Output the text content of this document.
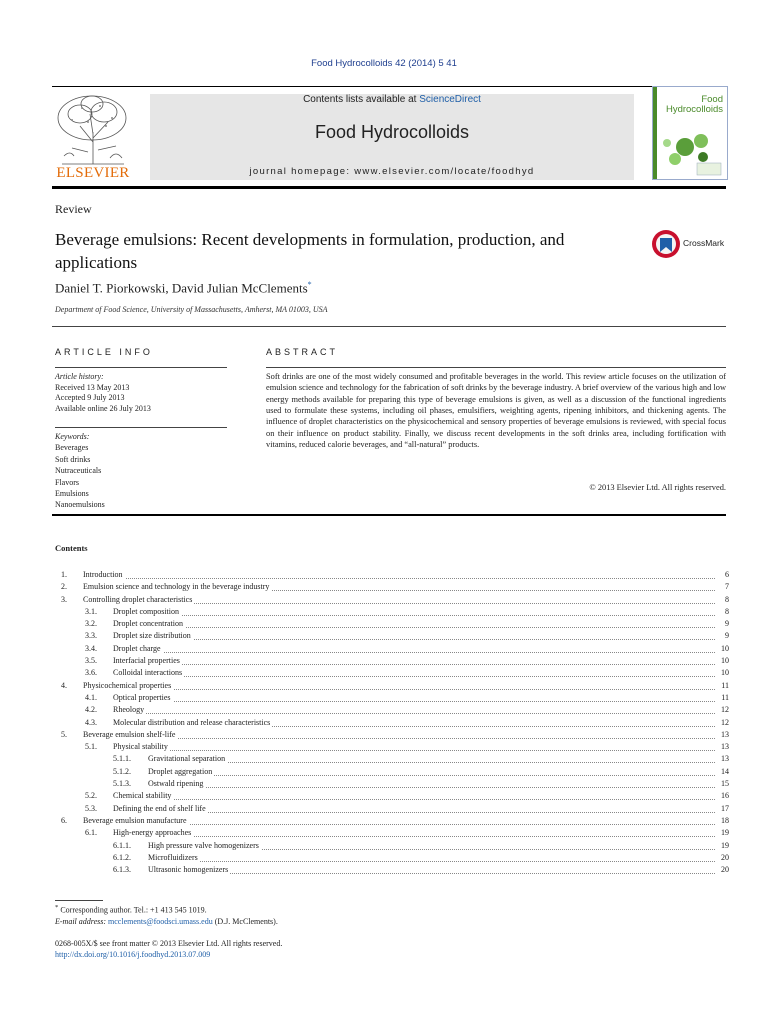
Food Hydrocolloids 42 (2014) 5 41
ELSEVIER
Contents lists available at ScienceDirect
Food Hydrocolloids
journal homepage: www.elsevier.com/locate/foodhyd
Food
Hydrocolloids
Review
Beverage emulsions: Recent developments in formulation, production, and applications
CrossMark
Daniel T. Piorkowski, David Julian McClements*
Department of Food Science, University of Massachusetts, Amherst, MA 01003, USA
ARTICLE INFO	ABSTRACT
Article history:
Received 13 May 2013
Accepted 9 July 2013
Available online 26 July 2013
Keywords:
Beverages
Soft drinks
Nutraceuticals
Flavors
Emulsions
Nanoemulsions
Soft drinks are one of the most widely consumed and profitable beverages in the world. This review article focuses on the utilization of emulsion science and technology for the fabrication of soft drinks by the beverage industry. A brief overview of the various high and low energy methods available for preparing this type of beverage emulsions is given, as well as a discussion of the functional ingredients used to formulate these systems, including oil phases, emulsifiers, weighting agents, ripening inhibitors, and thickening agents. The influence of droplet characteristics on the physicochemical and sensory properties of beverage emulsions is reviewed, with special focus on their influence on product stability. Finally, we discuss recent developments in the soft drinks area, including fortification with vitamins, reduced calorie beverages, and “all-natural” products.
© 2013 Elsevier Ltd. All rights reserved.
Contents
1. Introduction	6
2. Emulsion science and technology in the beverage industry	7
3. Controlling droplet characteristics	8
3.1. Droplet composition	8
3.2. Droplet concentration	9
3.3. Droplet size distribution	9
3.4. Droplet charge	10
3.5. Interfacial properties	10
3.6. Colloidal interactions	10
4. Physicochemical properties	11
4.1. Optical properties	11
4.2. Rheology	12
4.3. Molecular distribution and release characteristics	12
5. Beverage emulsion shelf-life	13
5.1. Physical stability	13
5.1.1. Gravitational separation	13
5.1.2. Droplet aggregation	14
5.1.3. Ostwald ripening	15
5.2. Chemical stability	16
5.3. Defining the end of shelf life	17
6. Beverage emulsion manufacture	18
6.1. High-energy approaches	19
6.1.1. High pressure valve homogenizers	19
6.1.2. Microfluidizers	20
6.1.3. Ultrasonic homogenizers	20
* Corresponding author. Tel.: +1 413 545 1019.
E-mail address: mcclements@foodsci.umass.edu (D.J. McClements).
0268-005X/$ see front matter © 2013 Elsevier Ltd. All rights reserved.
http://dx.doi.org/10.1016/j.foodhyd.2013.07.009
